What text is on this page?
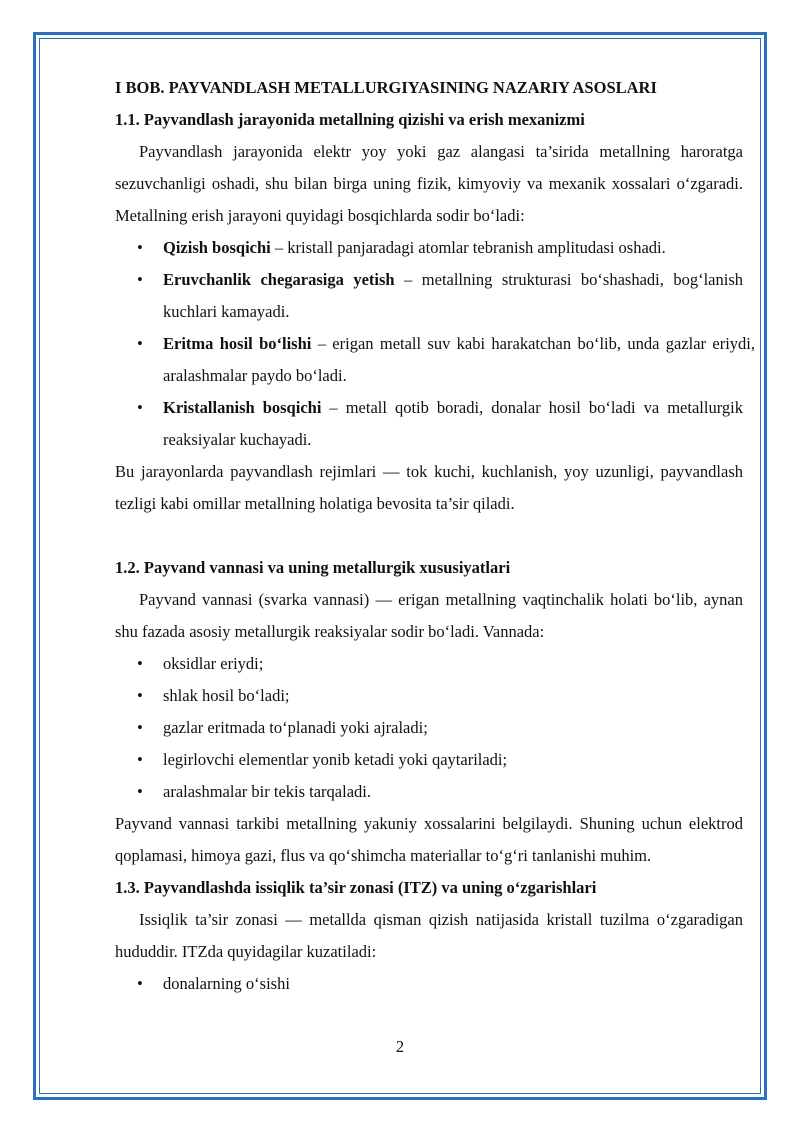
I BOB. PAYVANDLASH METALLURGIYASINING NAZARIY ASOSLARI

1.1. Payvandlash jarayonida metallning qizishi va erish mexanizmi

Payvandlash jarayonida elektr yoy yoki gaz alangasi ta’sirida metallning haroratga sezuvchanligi oshadi, shu bilan birga uning fizik, kimyoviy va mexanik xossalari o‘zgaradi. Metallning erish jarayoni quyidagi bosqichlarda sodir bo‘ladi:

• Qizish bosqichi – kristall panjaradagi atomlar tebranish amplitudasi oshadi.
• Eruvchanlik chegarasiga yetish – metallning strukturasi bo‘shashadi, bog‘lanish kuchlari kamayadi.
• Eritma hosil bo‘lishi – erigan metall suv kabi harakatchan bo‘lib, unda gazlar eriydi, aralashmalar paydo bo‘ladi.
• Kristallanish bosqichi – metall qotib boradi, donalar hosil bo‘ladi va metallurgik reaksiyalar kuchayadi.

Bu jarayonlarda payvandlash rejimlari — tok kuchi, kuchlanish, yoy uzunligi, payvandlash tezligi kabi omillar metallning holatiga bevosita ta’sir qiladi.

1.2. Payvand vannasi va uning metallurgik xususiyatlari

Payvand vannasi (svarka vannasi) — erigan metallning vaqtinchalik holati bo‘lib, aynan shu fazada asosiy metallurgik reaksiyalar sodir bo‘ladi. Vannada:

• oksidlar eriydi;
• shlak hosil bo‘ladi;
• gazlar eritmada to‘planadi yoki ajraladi;
• legirlovchi elementlar yonib ketadi yoki qaytariladi;
• aralashmalar bir tekis tarqaladi.

Payvand vannasi tarkibi metallning yakuniy xossalarini belgilaydi. Shuning uchun elektrod qoplamasi, himoya gazi, flus va qo‘shimcha materiallar to‘g‘ri tanlanishi muhim.

1.3. Payvandlashda issiqlik ta’sir zonasi (ITZ) va uning o‘zgarishlari

Issiqlik ta’sir zonasi — metallda qisman qizish natijasida kristall tuzilma o‘zgaradigan hududdir. ITZda quyidagilar kuzatiladi:

• donalarning o‘sishi
2
